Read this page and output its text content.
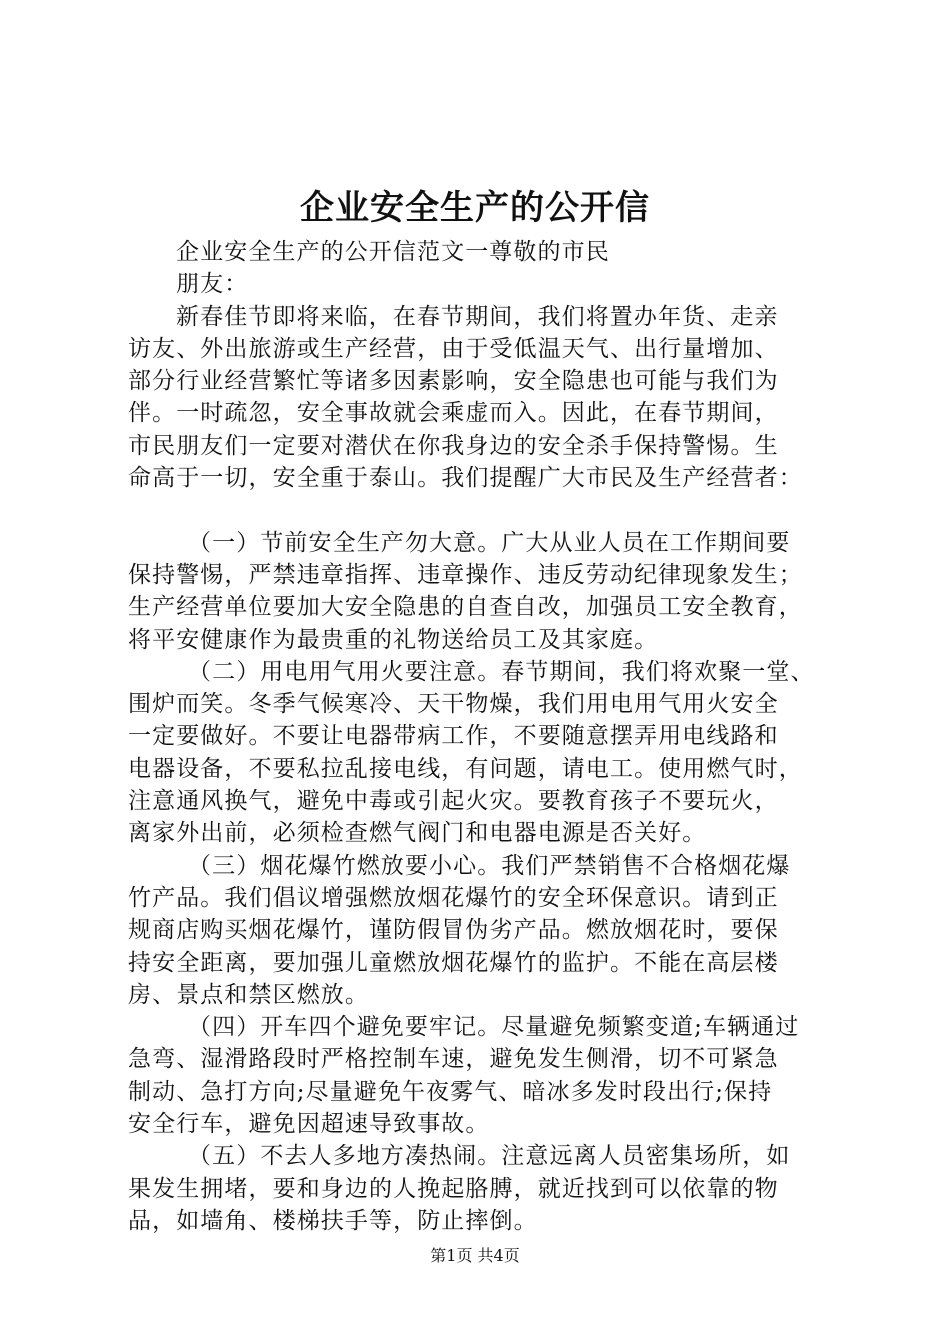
企业安全生产的公开信
企业安全生产的公开信范文一尊敬的市民
朋友：
新春佳节即将来临，在春节期间，我们将置办年货、走亲
访友、外出旅游或生产经营，由于受低温天气、出行量增加、
部分行业经营繁忙等诸多因素影响，安全隐患也可能与我们为
伴。一时疏忽，安全事故就会乘虚而入。因此，在春节期间，
市民朋友们一定要对潜伏在你我身边的安全杀手保持警惕。生
命高于一切，安全重于泰山。我们提醒广大市民及生产经营者：
（一）节前安全生产勿大意。广大从业人员在工作期间要
保持警惕，严禁违章指挥、违章操作、违反劳动纪律现象发生；
生产经营单位要加大安全隐患的自查自改，加强员工安全教育，
将平安健康作为最贵重的礼物送给员工及其家庭。
（二）用电用气用火要注意。春节期间，我们将欢聚一堂、
围炉而笑。冬季气候寒冷、天干物燥，我们用电用气用火安全
一定要做好。不要让电器带病工作，不要随意摆弄用电线路和
电器设备，不要私拉乱接电线，有问题，请电工。使用燃气时，
注意通风换气，避免中毒或引起火灾。要教育孩子不要玩火，
离家外出前，必须检查燃气阀门和电器电源是否关好。
（三）烟花爆竹燃放要小心。我们严禁销售不合格烟花爆
竹产品。我们倡议增强燃放烟花爆竹的安全环保意识。请到正
规商店购买烟花爆竹，谨防假冒伪劣产品。燃放烟花时，要保
持安全距离，要加强儿童燃放烟花爆竹的监护。不能在高层楼
房、景点和禁区燃放。
（四）开车四个避免要牢记。尽量避免频繁变道;车辆通过
急弯、湿滑路段时严格控制车速，避免发生侧滑，切不可紧急
制动、急打方向;尽量避免午夜雾气、暗冰多发时段出行;保持
安全行车，避免因超速导致事故。
（五）不去人多地方凑热闹。注意远离人员密集场所，如
果发生拥堵，要和身边的人挽起胳膊，就近找到可以依靠的物
品，如墙角、楼梯扶手等，防止摔倒。
第1页 共4页
